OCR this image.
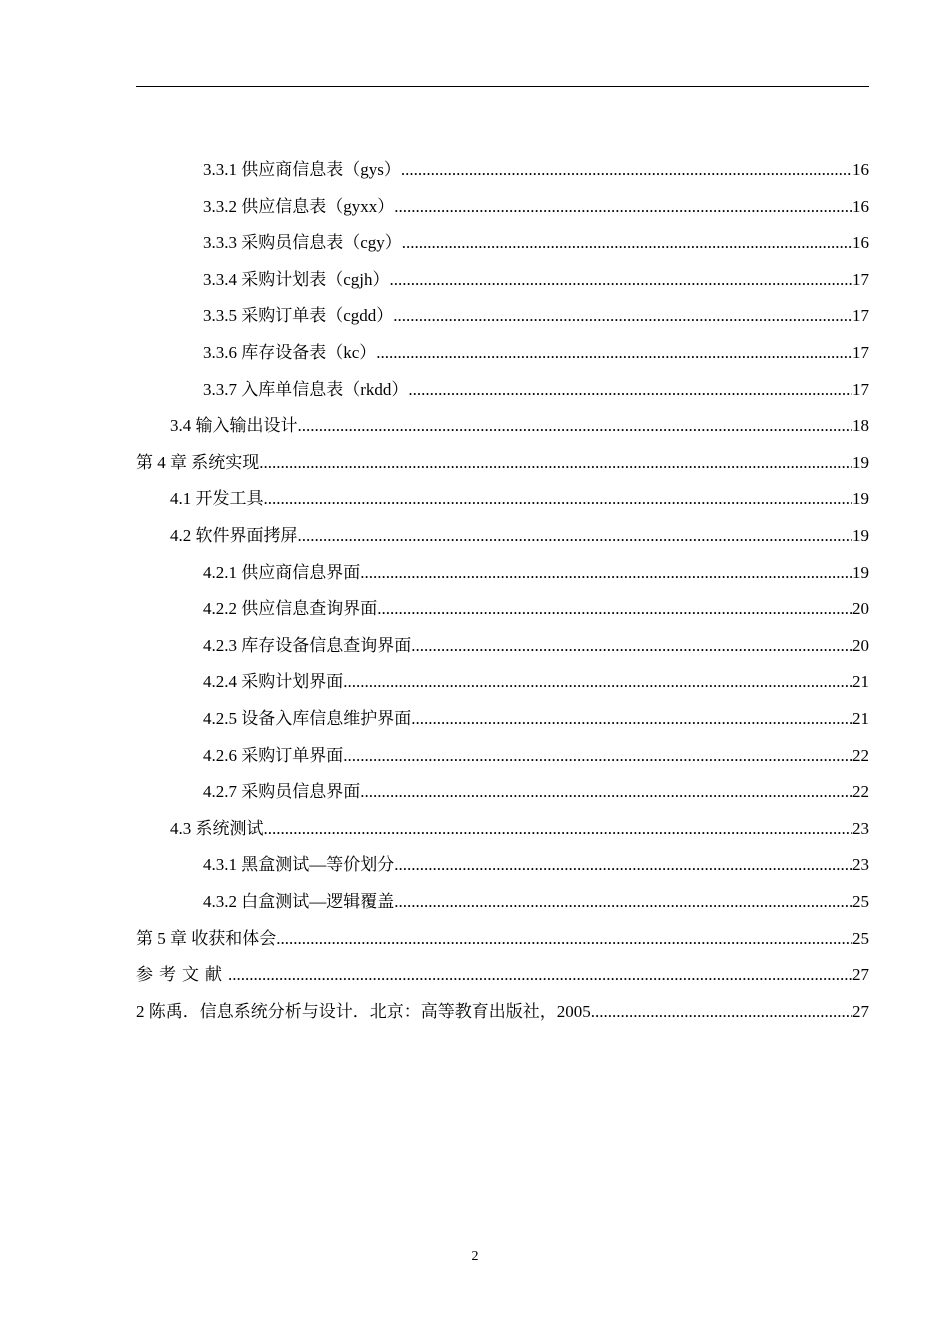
3.3.1 供应商信息表（gys） .....	16
3.3.2 供应信息表（gyxx） .....	16
3.3.3 采购员信息表（cgy） .....	16
3.3.4 采购计划表（cgjh） .....	17
3.3.5 采购订单表（cgdd） .....	17
3.3.6 库存设备表（kc） .....	17
3.3.7 入库单信息表（rkdd） .....	17
3.4 输入输出设计 .....	18
第 4 章 系统实现 .....	19
4.1 开发工具 .....	19
4.2 软件界面拷屏 .....	19
4.2.1 供应商信息界面 .....	19
4.2.2 供应信息查询界面 .....	20
4.2.3 库存设备信息查询界面 .....	20
4.2.4 采购计划界面 .....	21
4.2.5 设备入库信息维护界面 .....	21
4.2.6 采购订单界面 .....	22
4.2.7 采购员信息界面 .....	22
4.3 系统测试 .....	23
4.3.1 黑盒测试—等价划分 .....	23
4.3.2 白盒测试—逻辑覆盖 .....	25
第 5 章 收获和体会 .....	25
参考文献 .....	27
2 陈禹．信息系统分析与设计．北京：高等教育出版社，2005 .....	27
2
